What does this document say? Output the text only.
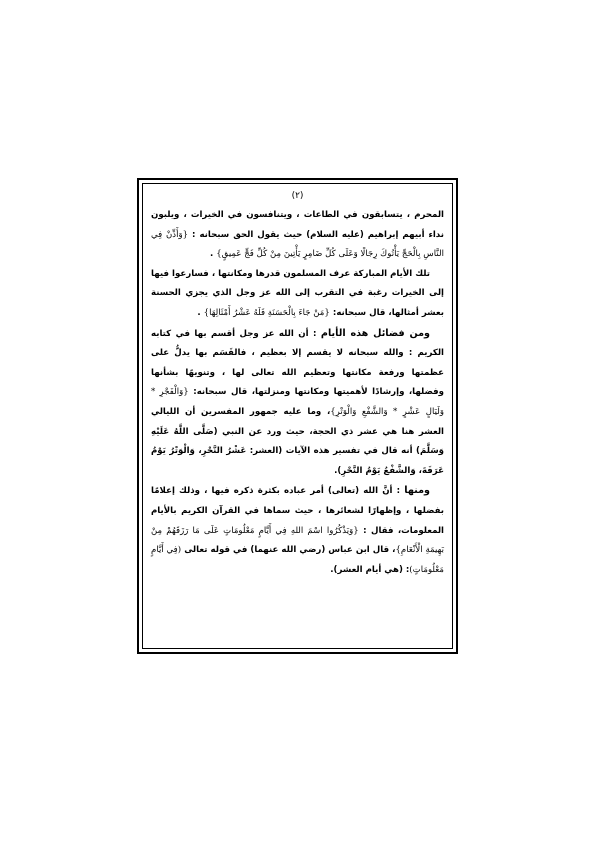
(٢)

المحرم ، يتسابقون في الطاعات ، ويتنافسون في الخيرات ، ويلبون نداء أبيهم إبراهيم (عليه السلام) حيث يقول الحق سبحانه : {وَأَذِّنْ فِي النَّاسِ بِالْحَجِّ يَأْتُوكَ رِجَالًا وَعَلَى كُلِّ ضَامِرٍ يَأْتِينَ مِنْ كُلِّ فَجٍّ عَمِيقٍ} .

تلك الأيام المباركة عرف المسلمون قدرها ومكانتها ، فسارعوا فيها إلى الخيرات رغبة في التقرب إلى الله عز وجل الذي يجزي الحسنة بعشر أمثالها، قال سبحانه: {مَنْ جَاءَ بِالْحَسَنَةِ فَلَهُ عَشْرُ أَمْثَالِهَا} .

ومن فضائل هذه الأيام : أن الله عز وجل أقسم بها في كتابه الكريم : والله سبحانه لا يقسم إلا بعظيم ، فالقَسَم بها يدلُّ على عظمتها ورفعة مكانتها وتعظيم الله تعالى لها ، وتنويهًا بشأنها وفضلها، وإرشادًا لأهميتها ومكانتها ومنزلتها، قال سبحانه: {وَالْفَجْرِ * وَلَيَالٍ عَشْرٍ * وَالشَّفْعِ وَالْوَتْرِ}، وما عليه جمهور المفسرين أن الليالي العشر هنا هي عشر ذي الحجة، حيث ورد عن النبي (صَلَّى اللَّهُ عَلَيْهِ وَسَلَّمَ) أنه قال في تفسير هذه الآيات (العشر: عَشْرُ النَّحْرِ، وَالْوَتْرُ يَوْمُ عَرَفَةَ، وَالشَّفْعُ يَوْمُ النَّحْرِ).

ومنها : أنَّ الله (تعالى) أمر عباده بكثرة ذكره فيها ، وذلك إعلامًا بفضلها ، وإظهارًا لشعائرها ، حيث سماها في القرآن الكريم بالأيام المعلومات، فقال : {وَيَذْكُرُوا اسْمَ اللهِ فِي أَيَّامٍ مَعْلُومَاتٍ عَلَى مَا رَزَقَهُمْ مِنْ بَهِيمَةِ الْأَنْعَامِ}، قال ابن عباس (رضي الله عنهما) في قوله تعالى (فِي أَيَّامٍ مَعْلُومَاتٍ): (هي أيام العشر).
